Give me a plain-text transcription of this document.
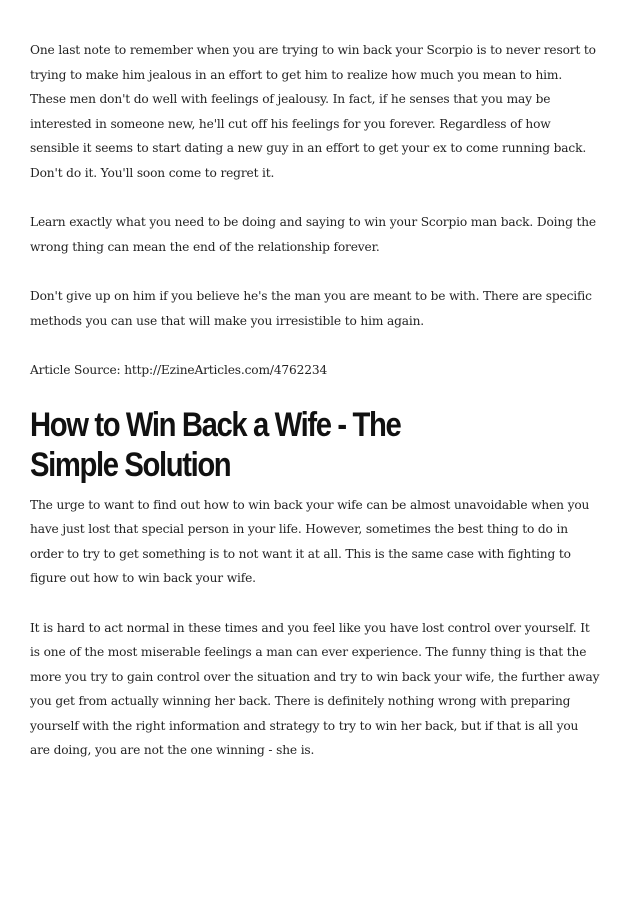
One last note to remember when you are trying to win back your Scorpio is to never resort to trying to make him jealous in an effort to get him to realize how much you mean to him. These men don't do well with feelings of jealousy. In fact, if he senses that you may be interested in someone new, he'll cut off his feelings for you forever. Regardless of how sensible it seems to start dating a new guy in an effort to get your ex to come running back. Don't do it. You'll soon come to regret it.

Learn exactly what you need to be doing and saying to win your Scorpio man back. Doing the wrong thing can mean the end of the relationship forever.

Don't give up on him if you believe he's the man you are meant to be with. There are specific methods you can use that will make you irresistible to him again.

Article Source: http://EzineArticles.com/4762234

How to Win Back a Wife - The
Simple Solution

The urge to want to find out how to win back your wife can be almost unavoidable when you have just lost that special person in your life. However, sometimes the best thing to do in order to try to get something is to not want it at all. This is the same case with fighting to figure out how to win back your wife.

It is hard to act normal in these times and you feel like you have lost control over yourself. It is one of the most miserable feelings a man can ever experience. The funny thing is that the more you try to gain control over the situation and try to win back your wife, the further away you get from actually winning her back. There is definitely nothing wrong with preparing yourself with the right information and strategy to try to win her back, but if that is all you are doing, you are not the one winning - she is.
